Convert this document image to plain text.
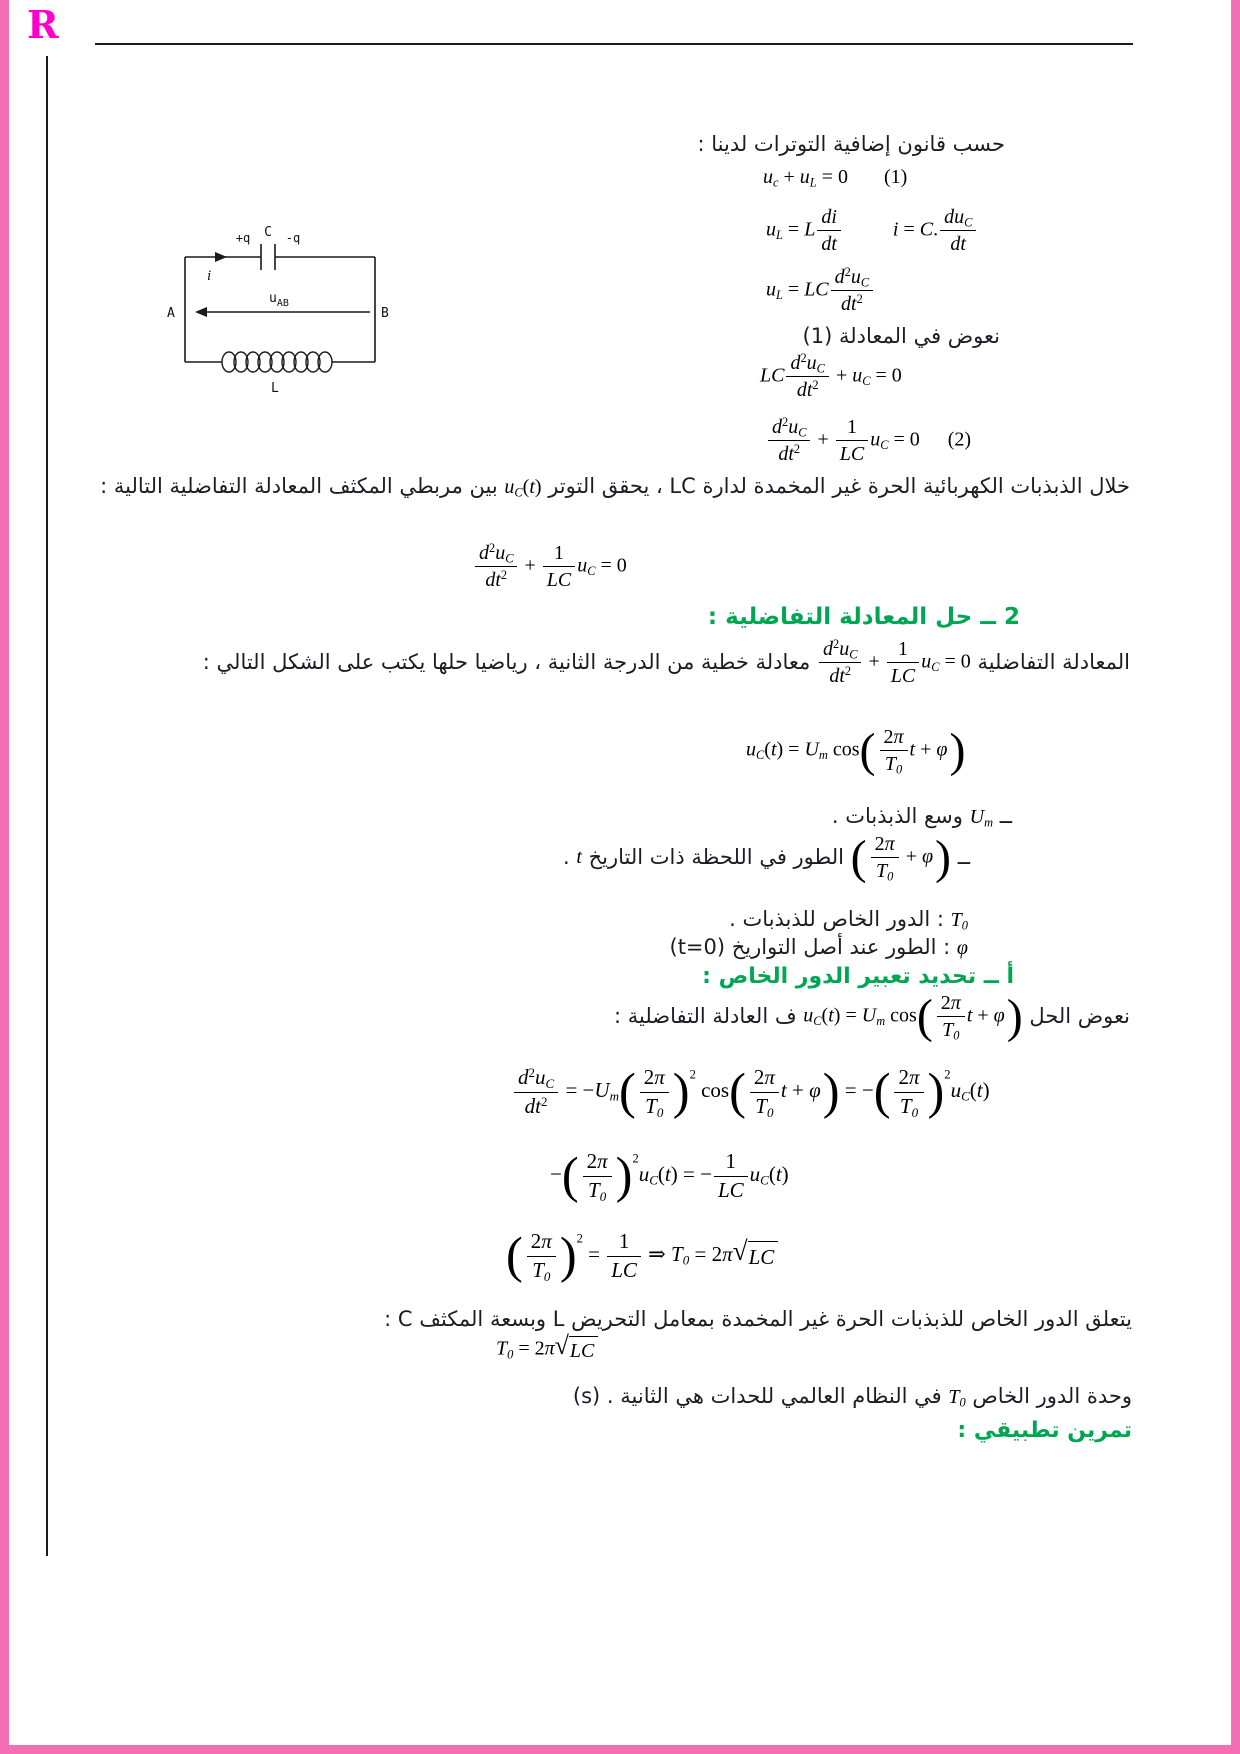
R
حسب قانون إضافية التوترات لدينا :
$u_c + u_L = 0$ (1)
$u_L = L \frac{di}{dt}$	i = C. $\frac{du_C}{dt}$
$u_L$ = LC $\frac{d^2u_C}{dt^2}$
نعوض في المعادلة (1)
LC $\frac{d^2u_C}{dt^2} + u_C = 0$
$\frac{d^2u_C}{dt^2} + \frac{1}{LC} u_C = 0$ (2)
C
+q	-q
i
$u_{AB}$
A	B
L
خلال الذبذبات الكهربائية الحرة غير المخمدة لدارة LC ، يحقق التوتر $u_C(t)$ بين مربطي المكثف المعادلة التفاضلية التالية :
$\frac{d^2u_C}{dt^2} + \frac{1}{LC} u_C = 0$
2 ــ حل المعادلة التفاضلية :
المعادلة التفاضلية
$\frac{d^2u_C}{dt^2} + \frac{1}{LC} u_C = 0$ معادلة خطية من الدرجة الثانية ، رياضيا حلها يكتب على الشكل التالي :
$u_C(t) = U_m$ cos ( $\frac{2\pi}{T_0}$ t + φ )
ــ $U_m$ وسع الذبذبات .
ــ
( $\frac{2\pi}{T_0} + \varphi$ )
الطور في اللحظة ذات التاريخ t .
$T_0$ : الدور الخاص للذبذبات .
φ : الطور عند أصل التواريخ (t=0)
أ ــ تحديد تعبير الدور الخاص :
نعوض الحل $u_C(t) = U_m$ cos ( $\frac{2\pi}{T_0}$ t + φ )
ف العادلة التفاضلية :
$\frac{d^2u_C}{dt^2} = -U_m$ ( $\frac{2\pi}{T_0}$ ) $^2$ cos ( $\frac{2\pi}{T_0}$ t + φ ) = − ( $\frac{2\pi}{T_0}$ ) $^2u_C(t)$
− ( $\frac{2\pi}{T_0}$ ) $^2u_C(t)$ = − $\frac{1}{LC} u_C(t)$
( $\frac{2\pi}{T_0}$ ) $^2 = \frac{1}{LC}$ ⇒ $T_0 = 2\pi$ √ LC
يتعلق الدور الخاص للذبذبات الحرة غير المخمدة بمعامل التحريض L وبسعة المكثف C :
$T_0 = 2\pi$ √ LC
وحدة الدور الخاص $T_0$ في النظام العالمي للحدات هي الثانية . (s)
تمرين تطبيقي :
